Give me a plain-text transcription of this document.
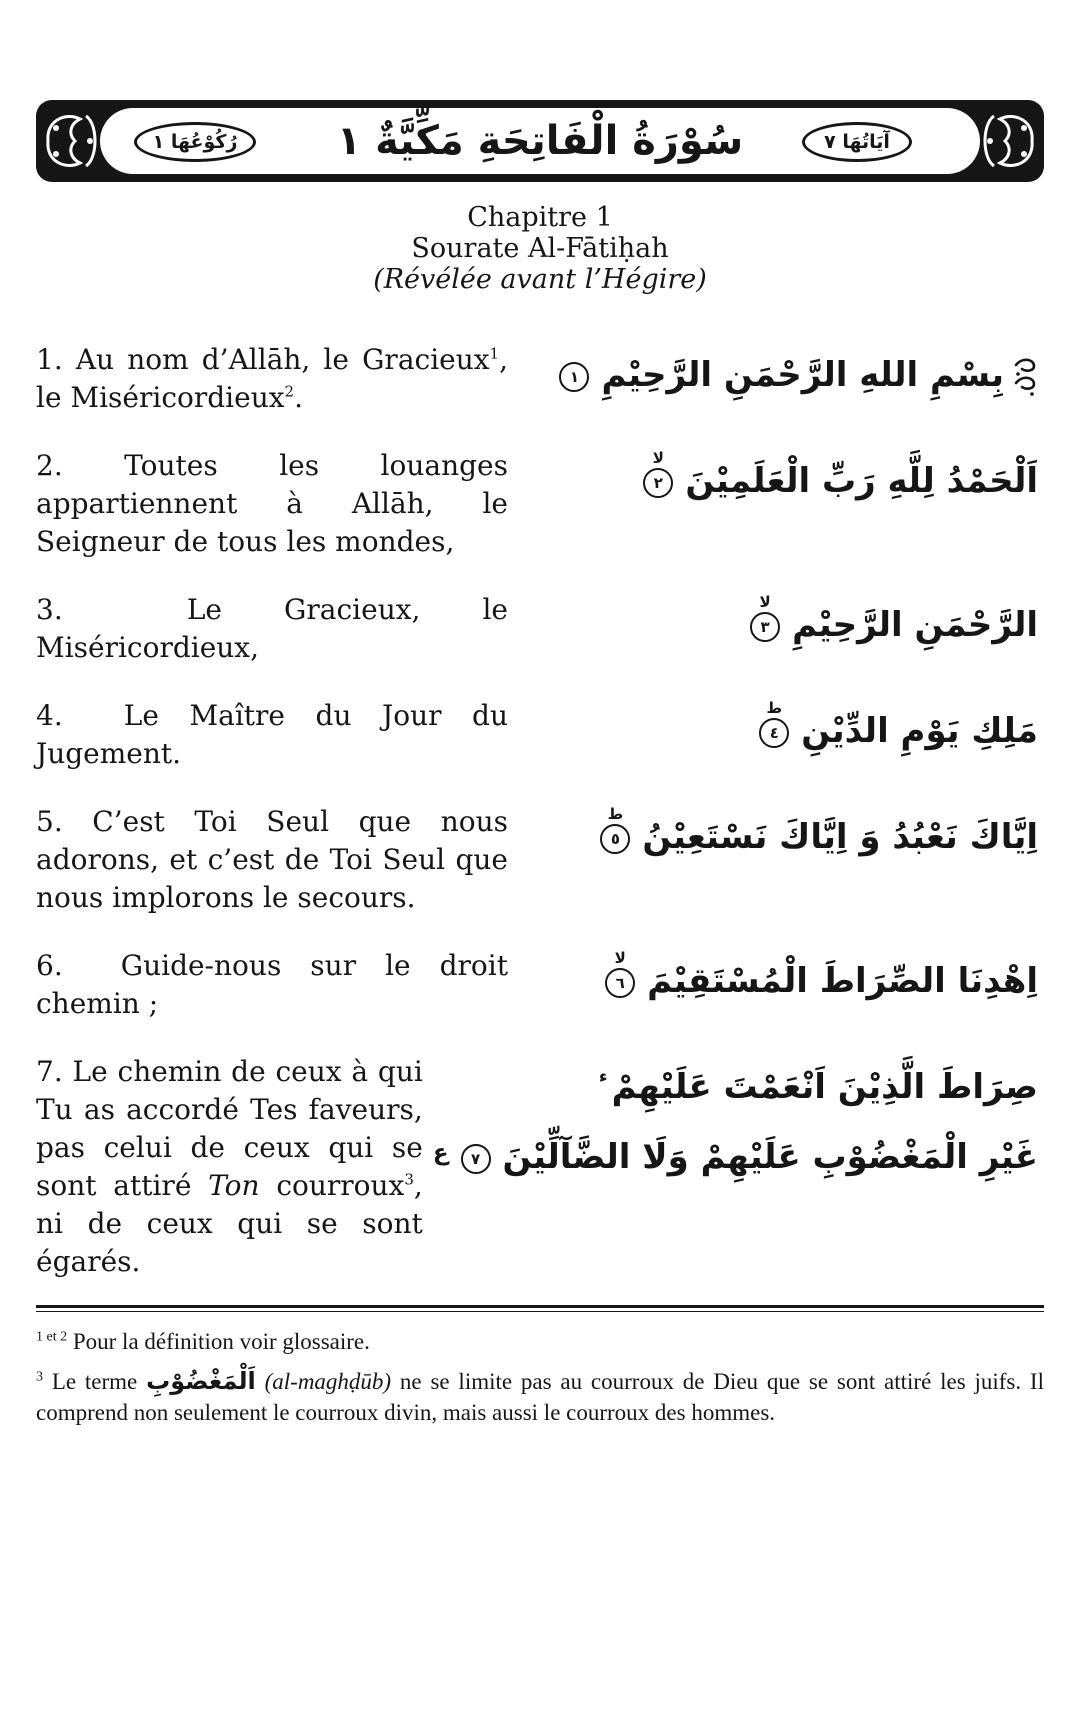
رُكُوْعُهَا ١	آيَاتُهَا ٧
سُوْرَةُ الْفَاتِحَةِ مَكِّيَّةٌ ١
Chapitre 1
Sourate Al-Fātiḥah
(Révélée avant l’Hégire)
1. Au nom d’Allāh, le Gracieux$^1$, le Miséricordieux$^2$.
بِسْمِ اللهِ الرَّحْمَنِ الرَّحِيْمِ
١
2. Toutes les louanges appartiennent à Allāh, le Seigneur de tous les mondes,
اَلْحَمْدُ لِلَّهِ رَبِّ الْعَلَمِيْنَ
٢
لا
3.  Le Gracieux, le Miséricordieux,
الرَّحْمَنِ الرَّحِيْمِ
٣
لا
4.  Le Maître du Jour du Jugement.
مَلِكِ يَوْمِ الدِّيْنِ
٤
ط
5. C’est Toi Seul que nous adorons, et c’est de Toi Seul que nous implorons le secours.
اِيَّاكَ نَعْبُدُ وَ اِيَّاكَ نَسْتَعِيْنُ
٥
ط
6.  Guide-nous sur le droit chemin ;
اِهْدِنَا الصِّرَاطَ الْمُسْتَقِيْمَ
٦
لا
7. Le chemin de ceux à qui Tu as accordé Tes faveurs, pas celui de ceux qui se sont attiré Ton courroux$^3$, ni de ceux qui se sont égarés.
صِرَاطَ الَّذِيْنَ اَنْعَمْتَ عَلَيْهِمْ$^ء$
غَيْرِ الْمَغْضُوْبِ عَلَيْهِمْ وَلَا الضَّآلِّيْنَ
٧
$^ع$
$^{1 et 2}$ Pour la définition voir glossaire.
$^3$ Le terme اَلْمَغْضُوْبِ (al-maghḍūb) ne se limite pas au courroux de Dieu que se sont attiré les juifs. Il comprend non seulement le courroux divin, mais aussi le courroux des hommes.
